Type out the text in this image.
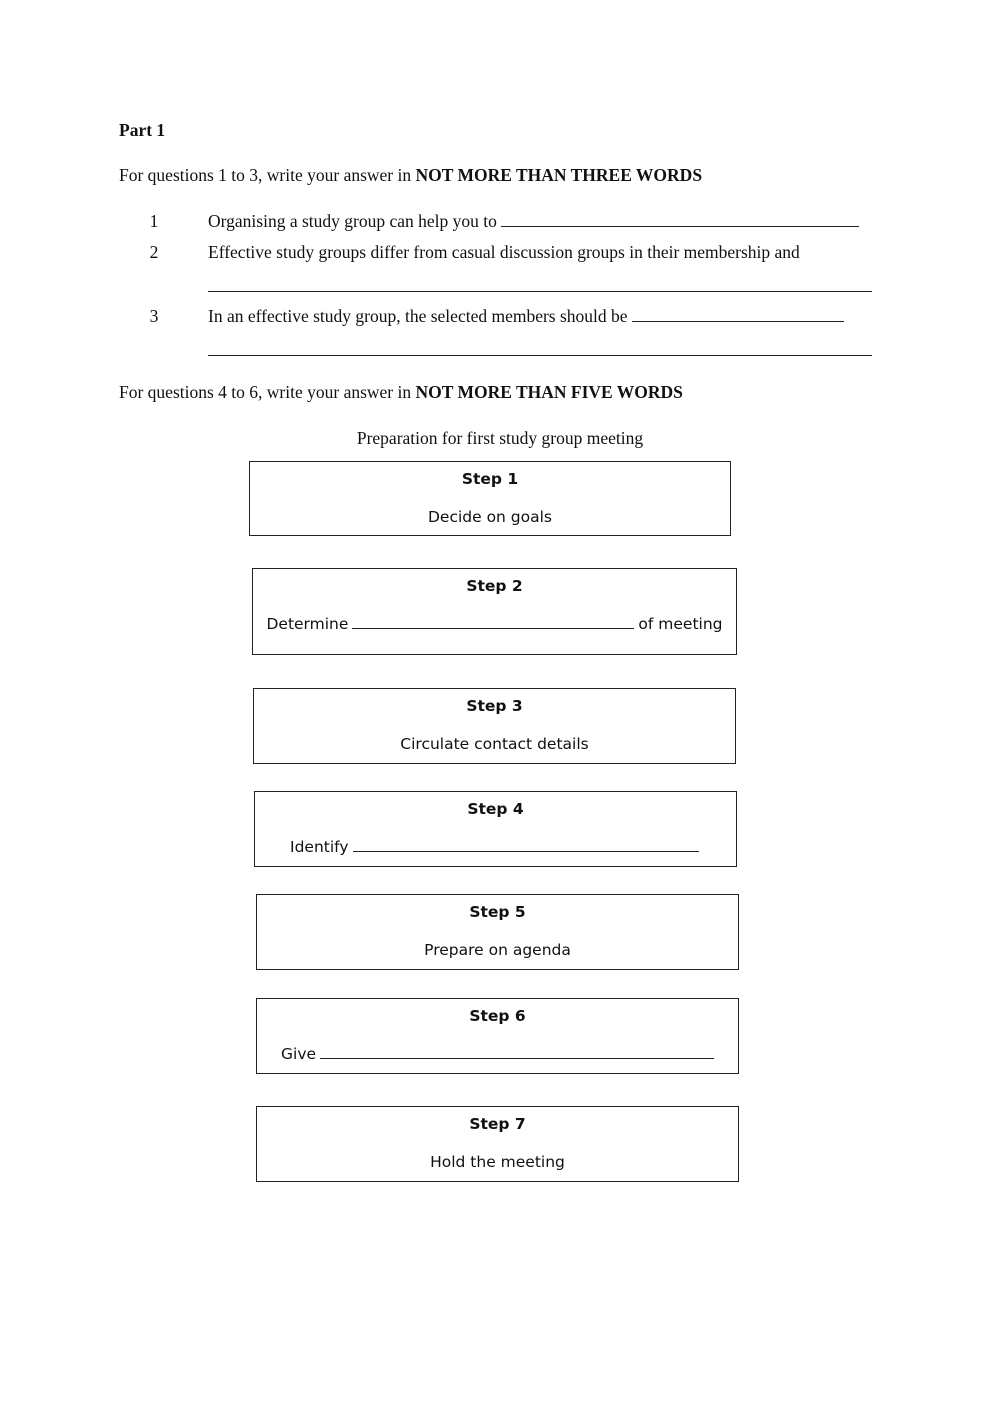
Part 1
For questions 1 to 3, write your answer in NOT MORE THAN THREE WORDS
1	Organising a study group can help you to
2	Effective study groups differ from casual discussion groups in their membership and
3	In an effective study group, the selected members should be
For questions 4 to 6, write your answer in NOT MORE THAN FIVE WORDS
Preparation for first study group meeting
Step 1
Decide on goals
Step 2
Determine	of meeting
Step 3
Circulate contact details
Step 4
Identify
Step 5
Prepare on agenda
Step 6
Give
Step 7
Hold the meeting
